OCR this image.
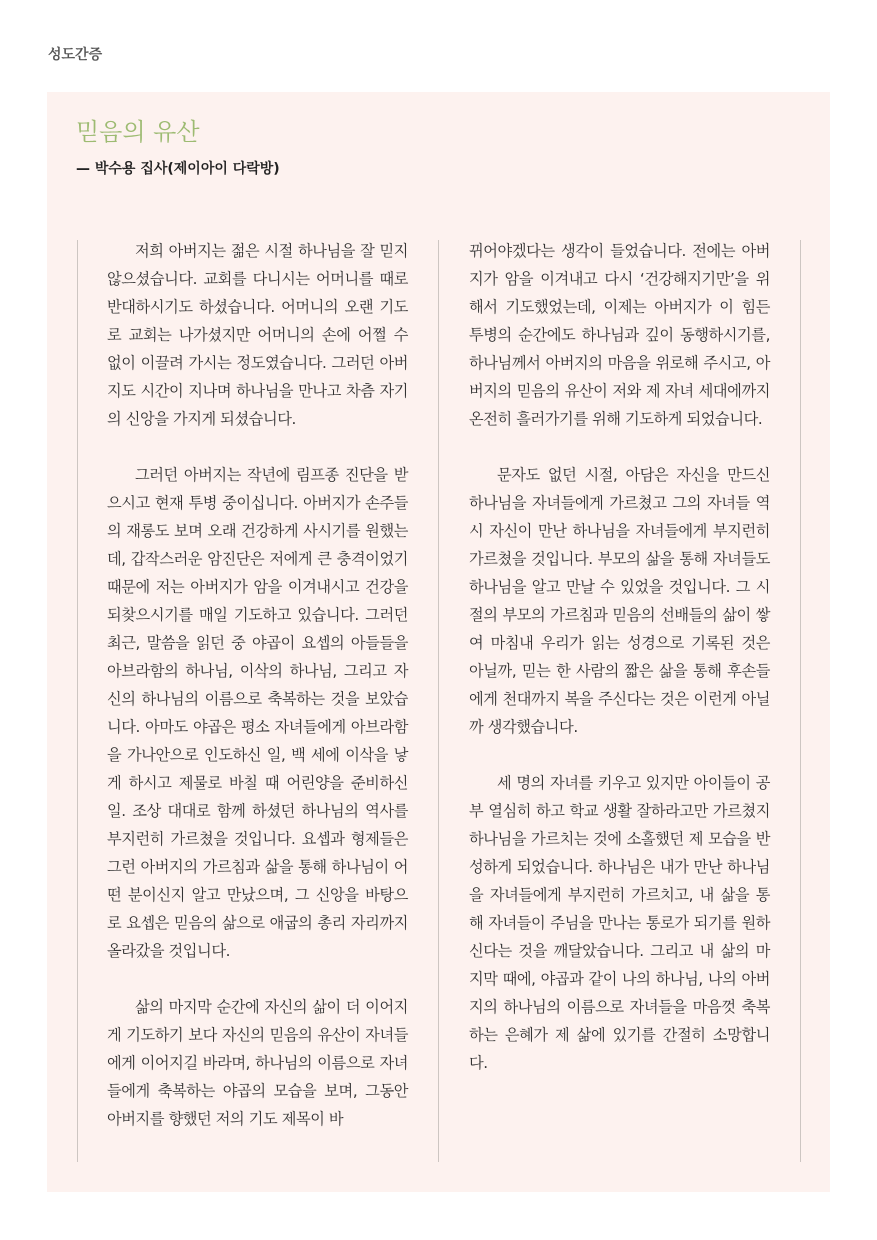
성도간증
믿음의 유산
— 박수용 집사(제이아이 다락방)

저희 아버지는 젊은 시절 하나님을 잘 믿지 않으셨습니다. 교회를 다니시는 어머니를 때로 반대하시기도 하셨습니다. 어머니의 오랜 기도로 교회는 나가셨지만 어머니의 손에 어쩔 수 없이 이끌려 가시는 정도였습니다. 그러던 아버지도 시간이 지나며 하나님을 만나고 차츰 자기의 신앙을 가지게 되셨습니다.

그러던 아버지는 작년에 림프종 진단을 받으시고 현재 투병 중이십니다. 아버지가 손주들의 재롱도 보며 오래 건강하게 사시기를 원했는데, 갑작스러운 암진단은 저에게 큰 충격이었기 때문에 저는 아버지가 암을 이겨내시고 건강을 되찾으시기를 매일 기도하고 있습니다. 그러던 최근, 말씀을 읽던 중 야곱이 요셉의 아들들을 아브라함의 하나님, 이삭의 하나님, 그리고 자신의 하나님의 이름으로 축복하는 것을 보았습니다. 아마도 야곱은 평소 자녀들에게 아브라함을 가나안으로 인도하신 일, 백 세에 이삭을 낳게 하시고 제물로 바칠 때 어린양을 준비하신 일. 조상 대대로 함께 하셨던 하나님의 역사를 부지런히 가르쳤을 것입니다. 요셉과 형제들은 그런 아버지의 가르침과 삶을 통해 하나님이 어떤 분이신지 알고 만났으며, 그 신앙을 바탕으로 요셉은 믿음의 삶으로 애굽의 총리 자리까지 올라갔을 것입니다.

삶의 마지막 순간에 자신의 삶이 더 이어지게 기도하기 보다 자신의 믿음의 유산이 자녀들에게 이어지길 바라며, 하나님의 이름으로 자녀들에게 축복하는 야곱의 모습을 보며, 그동안 아버지를 향했던 저의 기도 제목이 바

뀌어야겠다는 생각이 들었습니다. 전에는 아버지가 암을 이겨내고 다시 ‘건강해지기만’을 위해서 기도했었는데, 이제는 아버지가 이 힘든 투병의 순간에도 하나님과 깊이 동행하시기를, 하나님께서 아버지의 마음을 위로해 주시고, 아버지의 믿음의 유산이 저와 제 자녀 세대에까지 온전히 흘러가기를 위해 기도하게 되었습니다.

문자도 없던 시절, 아담은 자신을 만드신 하나님을 자녀들에게 가르쳤고 그의 자녀들 역시 자신이 만난 하나님을 자녀들에게 부지런히 가르쳤을 것입니다. 부모의 삶을 통해 자녀들도 하나님을 알고 만날 수 있었을 것입니다. 그 시절의 부모의 가르침과 믿음의 선배들의 삶이 쌓여 마침내 우리가 읽는 성경으로 기록된 것은 아닐까, 믿는 한 사람의 짧은 삶을 통해 후손들에게 천대까지 복을 주신다는 것은 이런게 아닐까 생각했습니다.

세 명의 자녀를 키우고 있지만 아이들이 공부 열심히 하고 학교 생활 잘하라고만 가르쳤지 하나님을 가르치는 것에 소홀했던 제 모습을 반성하게 되었습니다. 하나님은 내가 만난 하나님을 자녀들에게 부지런히 가르치고, 내 삶을 통해 자녀들이 주님을 만나는 통로가 되기를 원하신다는 것을 깨달았습니다. 그리고 내 삶의 마지막 때에, 야곱과 같이 나의 하나님, 나의 아버지의 하나님의 이름으로 자녀들을 마음껏 축복하는 은혜가 제 삶에 있기를 간절히 소망합니다.
